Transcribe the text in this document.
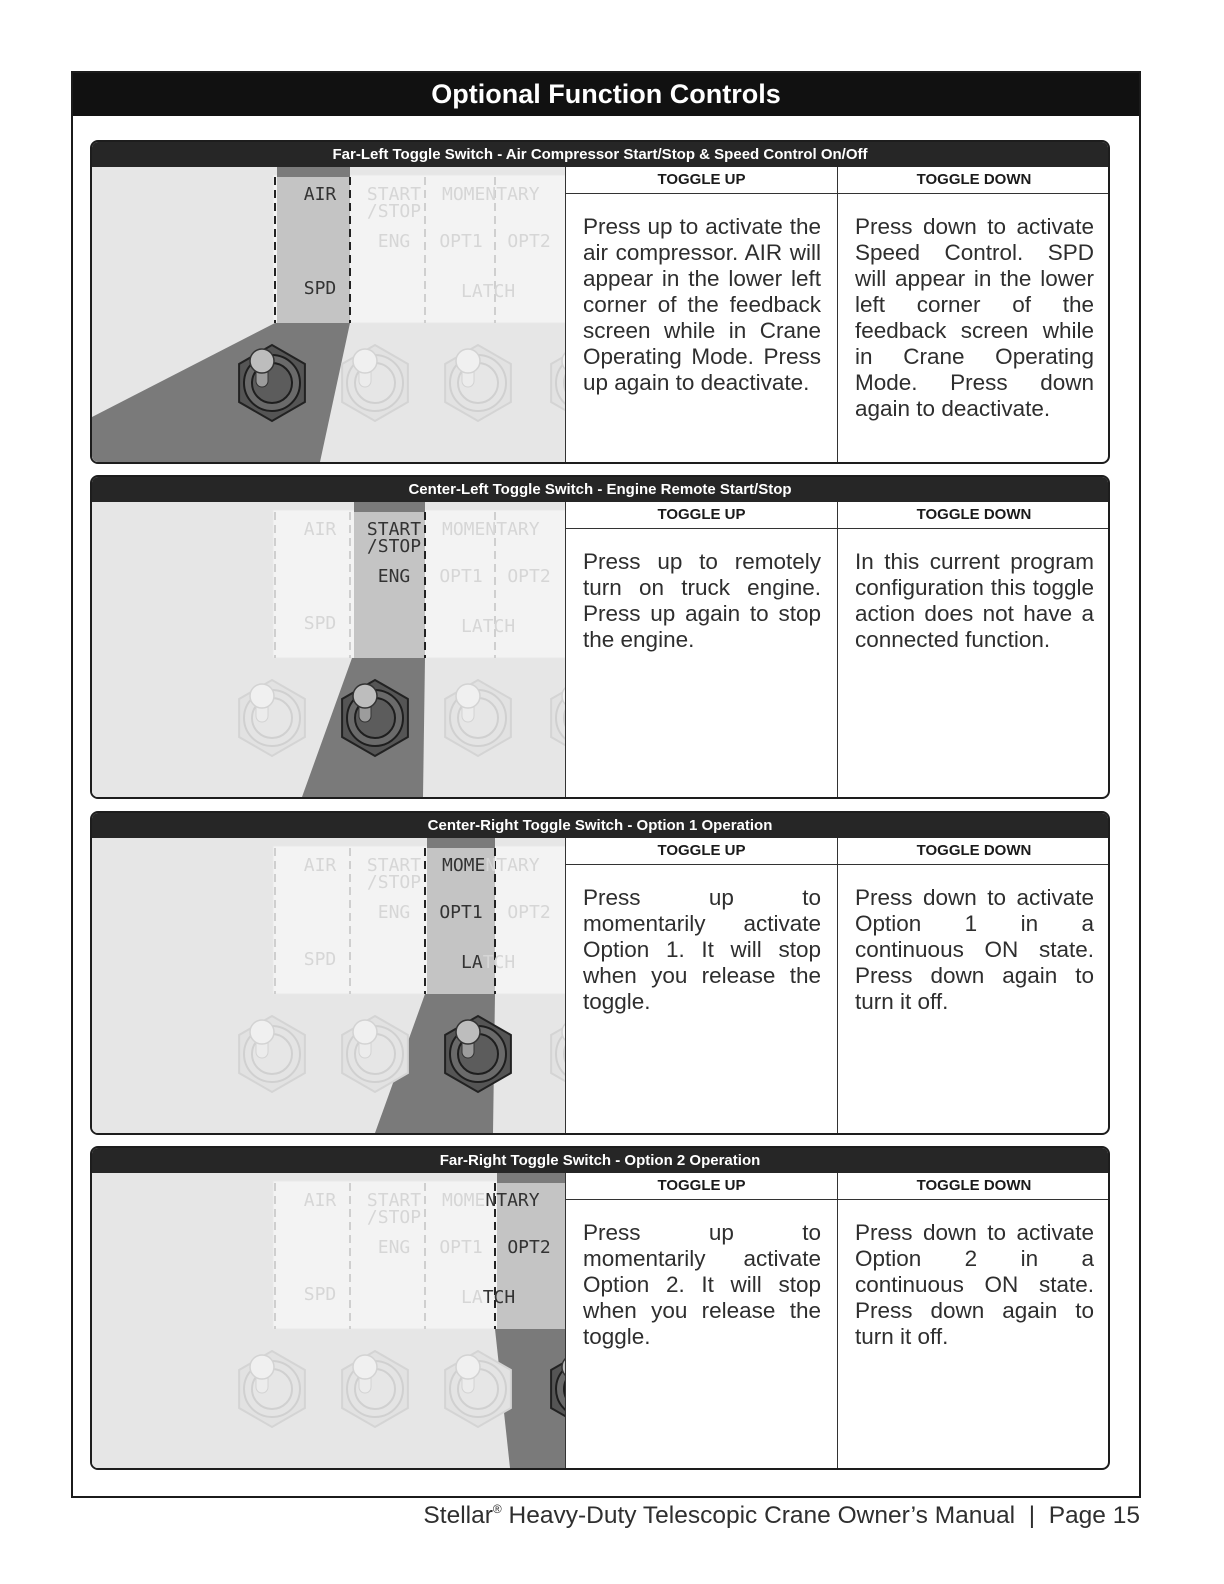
Optional Function Controls
Far-Left Toggle Switch - Air Compressor Start/Stop & Speed Control On/Off
AIR
SPD
START
/STOP
ENG OPT1 OPT2
MOME NTARY
LA TCH
TOGGLE UP
Press up to activate the air compressor. AIR will appear in the lower left corner of the feedback screen while in Crane Operating Mode. Press up again to deactivate.
TOGGLE DOWN
Press down to activate Speed Control. SPD will appear in the lower left corner of the feedback screen while in Crane Operating Mode. Press down again to deactivate.
Center-Left Toggle Switch - Engine Remote Start/Stop
AIR
SPD
START
/STOP
ENG OPT1 OPT2
MOME NTARY
LA TCH
TOGGLE UP
Press up to remotely turn on truck engine. Press up again to stop the engine.
TOGGLE DOWN
In this current program configuration this toggle action does not have a connected function.
Center-Right Toggle Switch - Option 1 Operation
AIR
SPD
START
/STOP
ENG OPT1 OPT2
MOME NTARY
LA TCH
TOGGLE UP
Press up to momentarily activate Option 1. It will stop when you release the toggle.
TOGGLE DOWN
Press down to activate Option 1 in a continuous ON state. Press down again to turn it off.
Far-Right Toggle Switch - Option 2 Operation
AIR
SPD
START
/STOP
ENG OPT1 OPT2
MOME NTARY
LA TCH
TOGGLE UP
Press up to momentarily activate Option 2. It will stop when you release the toggle.
TOGGLE DOWN
Press down to activate Option 2 in a continuous ON state. Press down again to turn it off.
Stellar® Heavy-Duty Telescopic Crane Owner’s Manual | Page 15
